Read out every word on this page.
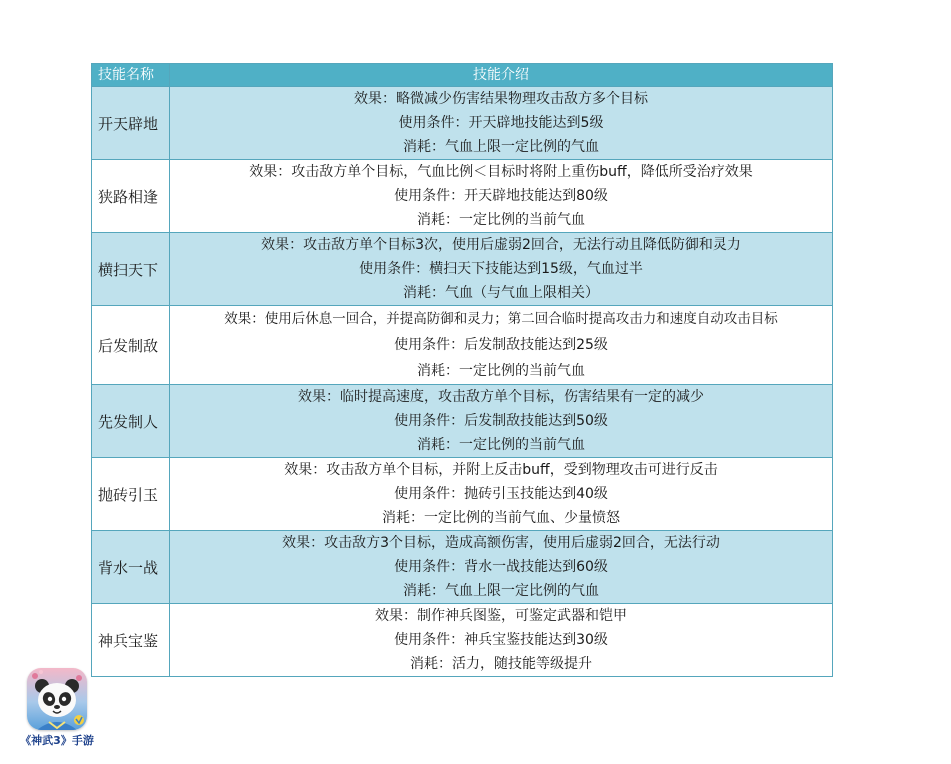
技能名称	技能介绍
开天辟地	效果：略微减少伤害结果物理攻击敌方多个目标
使用条件：开天辟地技能达到5级
消耗：气血上限一定比例的气血

狭路相逢	效果：攻击敌方单个目标，气血比例＜目标时将附上重伤buff，降低所受治疗效果
使用条件：开天辟地技能达到80级
消耗：一定比例的当前气血

横扫天下	效果：攻击敌方单个目标3次，使用后虚弱2回合，无法行动且降低防御和灵力
使用条件：横扫天下技能达到15级，气血过半
消耗：气血（与气血上限相关）

后发制敌	效果：使用后休息一回合，并提高防御和灵力；第二回合临时提高攻击力和速度自动攻击目标
使用条件：后发制敌技能达到25级
消耗：一定比例的当前气血

先发制人	效果：临时提高速度，攻击敌方单个目标，伤害结果有一定的减少
使用条件：后发制敌技能达到50级
消耗：一定比例的当前气血

抛砖引玉	效果：攻击敌方单个目标，并附上反击buff，受到物理攻击可进行反击
使用条件：抛砖引玉技能达到40级
消耗：一定比例的当前气血、少量愤怒

背水一战	效果：攻击敌方3个目标，造成高额伤害，使用后虚弱2回合，无法行动
使用条件：背水一战技能达到60级
消耗：气血上限一定比例的气血

神兵宝鉴	效果：制作神兵图鉴，可鉴定武器和铠甲
使用条件：神兵宝鉴技能达到30级
消耗：活力，随技能等级提升
《神武3》手游
